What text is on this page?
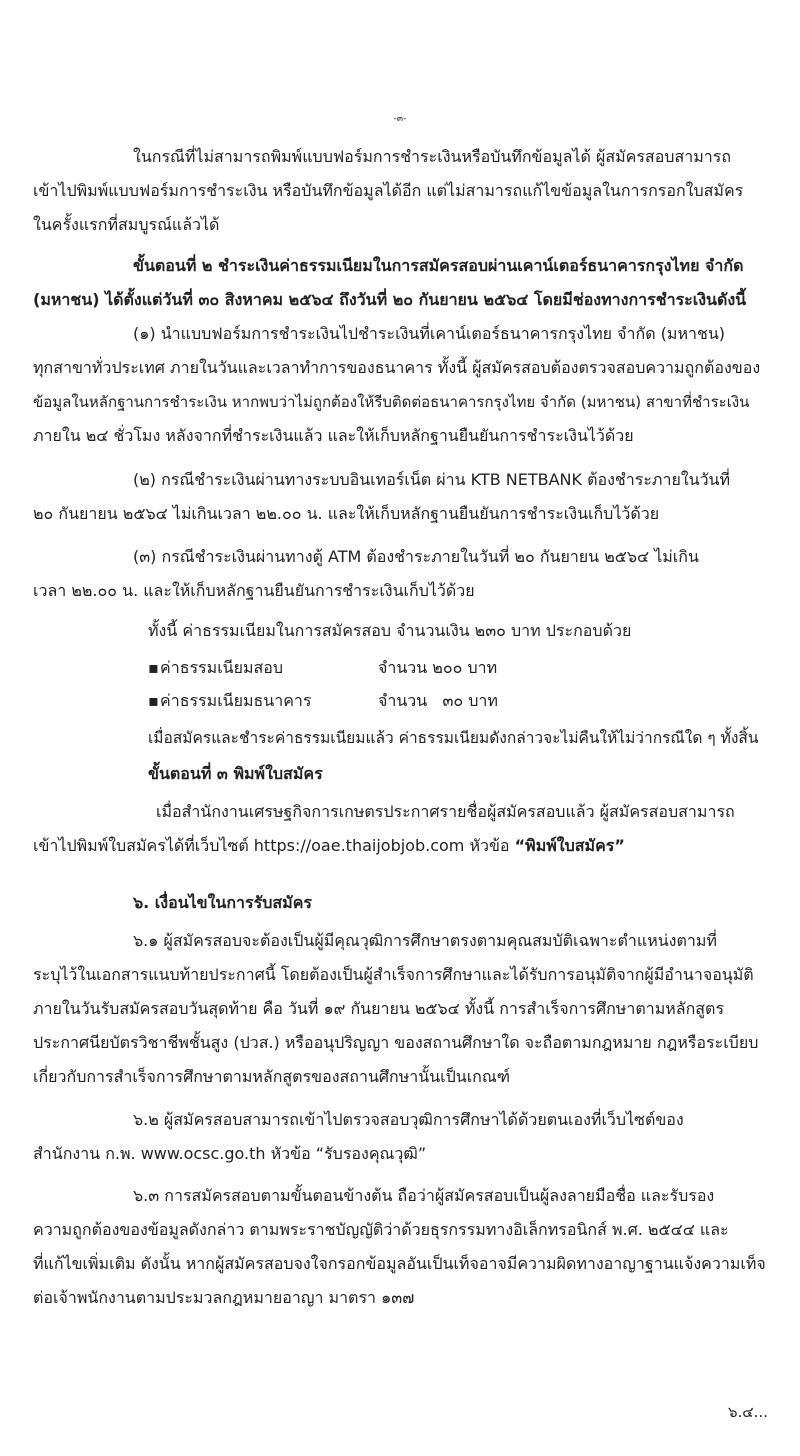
-๓-
ในกรณีที่ไม่สามารถพิมพ์แบบฟอร์มการชำระเงินหรือบันทึกข้อมูลได้ ผู้สมัครสอบสามารถ
เข้าไปพิมพ์แบบฟอร์มการชำระเงิน หรือบันทึกข้อมูลได้อีก แต่ไม่สามารถแก้ไขข้อมูลในการกรอกใบสมัคร
ในครั้งแรกที่สมบูรณ์แล้วได้
ขั้นตอนที่ ๒ ชำระเงินค่าธรรมเนียมในการสมัครสอบผ่านเคาน์เตอร์ธนาคารกรุงไทย จำกัด
(มหาชน) ได้ตั้งแต่วันที่ ๓๐ สิงหาคม ๒๕๖๔ ถึงวันที่ ๒๐ กันยายน ๒๕๖๔ โดยมีช่องทางการชำระเงินดังนี้
(๑) นำแบบฟอร์มการชำระเงินไปชำระเงินที่เคาน์เตอร์ธนาคารกรุงไทย จำกัด (มหาชน)
ทุกสาขาทั่วประเทศ ภายในวันและเวลาทำการของธนาคาร ทั้งนี้ ผู้สมัครสอบต้องตรวจสอบความถูกต้องของ
ข้อมูลในหลักฐานการชำระเงิน หากพบว่าไม่ถูกต้องให้รีบติดต่อธนาคารกรุงไทย จำกัด (มหาชน) สาขาที่ชำระเงิน
ภายใน ๒๔ ชั่วโมง หลังจากที่ชำระเงินแล้ว และให้เก็บหลักฐานยืนยันการชำระเงินไว้ด้วย
(๒) กรณีชำระเงินผ่านทางระบบอินเทอร์เน็ต ผ่าน KTB NETBANK ต้องชำระภายในวันที่
๒๐ กันยายน ๒๕๖๔ ไม่เกินเวลา ๒๒.๐๐ น. และให้เก็บหลักฐานยืนยันการชำระเงินเก็บไว้ด้วย
(๓) กรณีชำระเงินผ่านทางตู้ ATM ต้องชำระภายในวันที่ ๒๐ กันยายน ๒๕๖๔ ไม่เกิน
เวลา ๒๒.๐๐ น. และให้เก็บหลักฐานยืนยันการชำระเงินเก็บไว้ด้วย
ทั้งนี้ ค่าธรรมเนียมในการสมัครสอบ จำนวนเงิน ๒๓๐ บาท ประกอบด้วย
▪ ค่าธรรมเนียมสอบ	จำนวน ๒๐๐ บาท
▪ ค่าธรรมเนียมธนาคาร	จำนวน   ๓๐ บาท
เมื่อสมัครและชำระค่าธรรมเนียมแล้ว ค่าธรรมเนียมดังกล่าวจะไม่คืนให้ไม่ว่ากรณีใด ๆ ทั้งสิ้น
ขั้นตอนที่ ๓ พิมพ์ใบสมัคร
เมื่อสำนักงานเศรษฐกิจการเกษตรประกาศรายชื่อผู้สมัครสอบแล้ว ผู้สมัครสอบสามารถ
เข้าไปพิมพ์ใบสมัครได้ที่เว็บไซต์ https://oae.thaijobjob.com หัวข้อ “พิมพ์ใบสมัคร”
๖. เงื่อนไขในการรับสมัคร
๖.๑ ผู้สมัครสอบจะต้องเป็นผู้มีคุณวุฒิการศึกษาตรงตามคุณสมบัติเฉพาะตำแหน่งตามที่
ระบุไว้ในเอกสารแนบท้ายประกาศนี้ โดยต้องเป็นผู้สำเร็จการศึกษาและได้รับการอนุมัติจากผู้มีอำนาจอนุมัติ
ภายในวันรับสมัครสอบวันสุดท้าย คือ วันที่ ๑๙ กันยายน ๒๕๖๔ ทั้งนี้ การสำเร็จการศึกษาตามหลักสูตร
ประกาศนียบัตรวิชาชีพชั้นสูง (ปวส.) หรืออนุปริญญา ของสถานศึกษาใด จะถือตามกฎหมาย กฎหรือระเบียบ
เกี่ยวกับการสำเร็จการศึกษาตามหลักสูตรของสถานศึกษานั้นเป็นเกณฑ์
๖.๒ ผู้สมัครสอบสามารถเข้าไปตรวจสอบวุฒิการศึกษาได้ด้วยตนเองที่เว็บไซต์ของ
สำนักงาน ก.พ. www.ocsc.go.th หัวข้อ “รับรองคุณวุฒิ”
๖.๓ การสมัครสอบตามขั้นตอนข้างต้น ถือว่าผู้สมัครสอบเป็นผู้ลงลายมือชื่อ และรับรอง
ความถูกต้องของข้อมูลดังกล่าว ตามพระราชบัญญัติว่าด้วยธุรกรรมทางอิเล็กทรอนิกส์ พ.ศ. ๒๕๔๔ และ
ที่แก้ไขเพิ่มเติม ดังนั้น หากผู้สมัครสอบจงใจกรอกข้อมูลอันเป็นเท็จอาจมีความผิดทางอาญาฐานแจ้งความเท็จ
ต่อเจ้าพนักงานตามประมวลกฎหมายอาญา มาตรา ๑๓๗
๖.๔...
